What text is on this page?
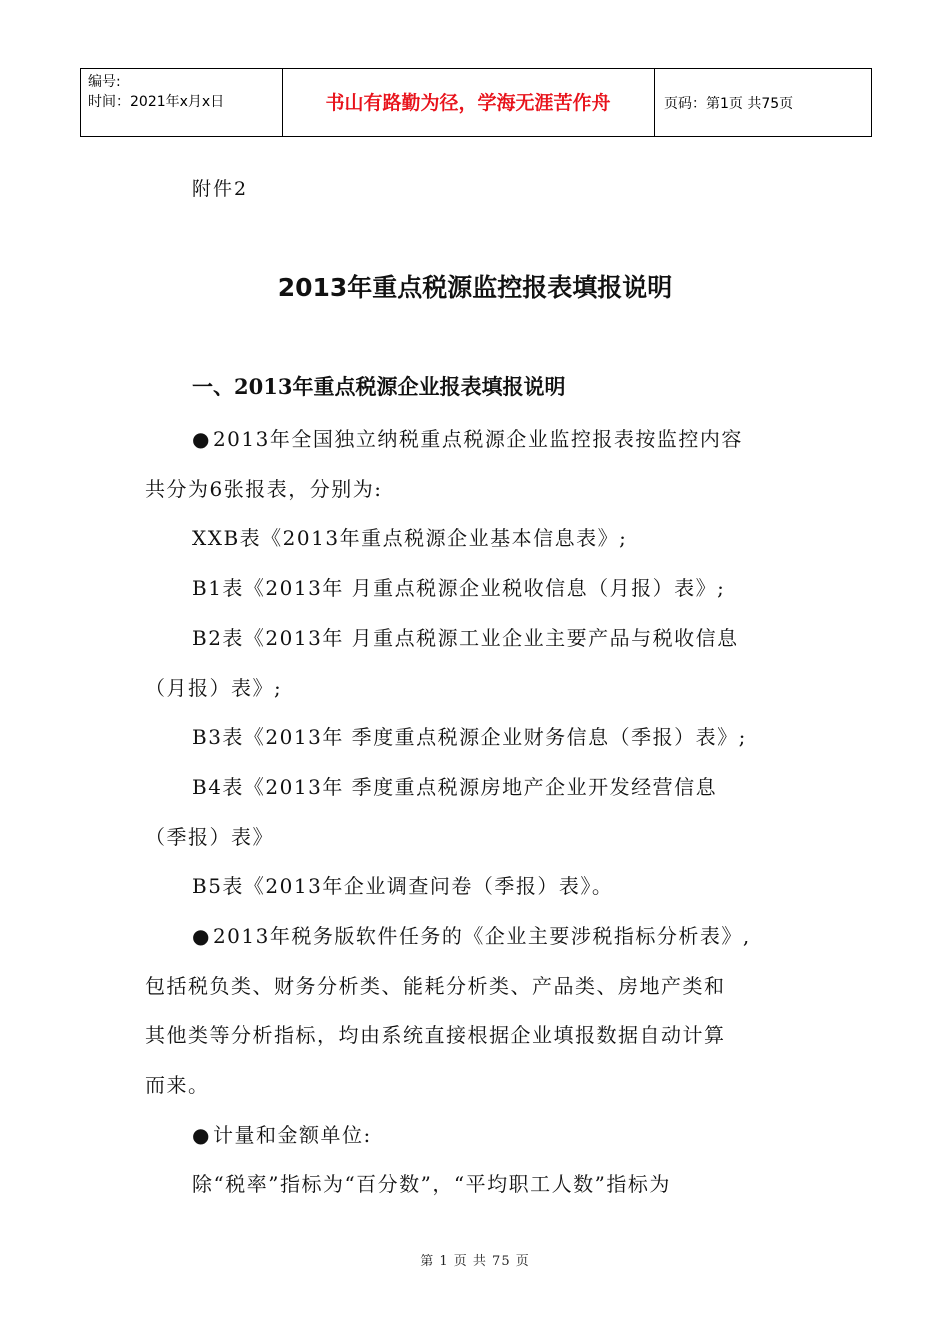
编号:
时间：2021年x月x日	书山有路勤为径，学海无涯苦作舟	页码：第1页 共75页
附件2
2013年重点税源监控报表填报说明
一、2013年重点税源企业报表填报说明
● 2013年全国独立纳税重点税源企业监控报表按监控内容
共分为6张报表，分别为:
XXB表《2013年重点税源企业基本信息表》;
B1表《2013年 月重点税源企业税收信息（月报）表》;
B2表《2013年 月重点税源工业企业主要产品与税收信息
（月报）表》;
B3表《2013年 季度重点税源企业财务信息（季报）表》;
B4表《2013年 季度重点税源房地产企业开发经营信息
（季报）表》
B5表《2013年企业调查问卷（季报）表》。
● 2013年税务版软件任务的《企业主要涉税指标分析表》,
包括税负类、财务分析类、能耗分析类、产品类、房地产类和
其他类等分析指标，均由系统直接根据企业填报数据自动计算
而来。
● 计量和金额单位:
除“税率”指标为“百分数”，“平均职工人数”指标为
第 1 页 共 75 页
